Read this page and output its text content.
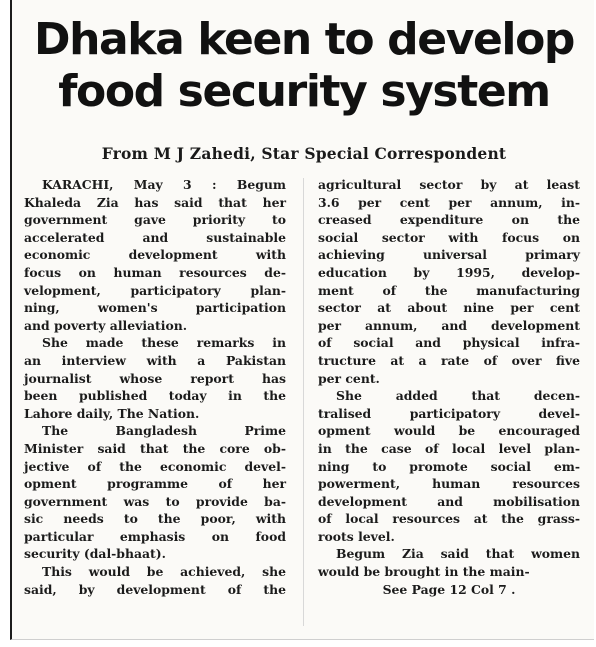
Dhaka keen to develop
food security system
From M J Zahedi, Star Special Correspondent
KARACHI, May 3 : Begum
Khaleda Zia has said that her
government gave priority to
accelerated and sustainable
economic development with
focus on human resources de-
velopment, participatory plan-
ning, women's participation
and poverty alleviation.
She made these remarks in
an interview with a Pakistan
journalist whose report has
been published today in the
Lahore daily, The Nation.
The Bangladesh Prime
Minister said that the core ob-
jective of the economic devel-
opment programme of her
government was to provide ba-
sic needs to the poor, with
particular emphasis on food
security (dal-bhaat).
This would be achieved, she
said, by development of the
agricultural sector by at least
3.6 per cent per annum, in-
creased expenditure on the
social sector with focus on
achieving universal primary
education by 1995, develop-
ment of the manufacturing
sector at about nine per cent
per annum, and development
of social and physical infra-
tructure at a rate of over five
per cent.
She added that decen-
tralised participatory devel-
opment would be encouraged
in the case of local level plan-
ning to promote social em-
powerment, human resources
development and mobilisation
of local resources at the grass-
roots level.
Begum Zia said that women
would be brought in the main-
See Page 12 Col 7 .
